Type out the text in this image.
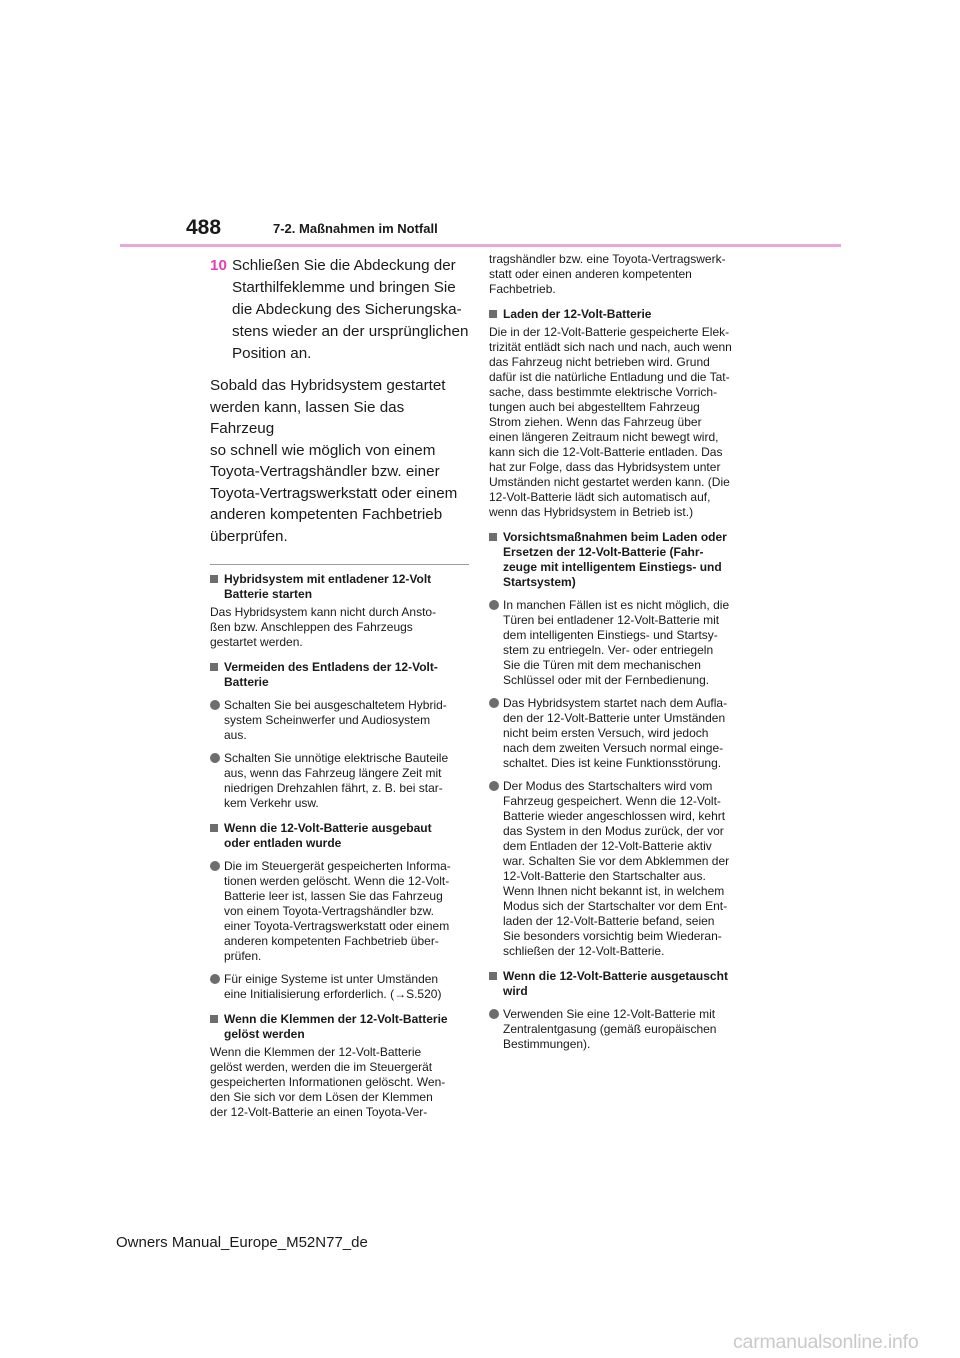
488	7-2. Maßnahmen im Notfall
10 Schließen Sie die Abdeckung der
Starthilfeklemme und bringen Sie
die Abdeckung des Sicherungska-
stens wieder an der ursprünglichen
Position an.
Sobald das Hybridsystem gestartet
werden kann, lassen Sie das Fahrzeug
so schnell wie möglich von einem
Toyota-Vertragshändler bzw. einer
Toyota-Vertragswerkstatt oder einem
anderen kompetenten Fachbetrieb
überprüfen.
Hybridsystem mit entladener 12-Volt
Batterie starten
Das Hybridsystem kann nicht durch Ansto-
ßen bzw. Anschleppen des Fahrzeugs
gestartet werden.
Vermeiden des Entladens der 12-Volt-
Batterie
Schalten Sie bei ausgeschaltetem Hybrid-
system Scheinwerfer und Audiosystem
aus.
Schalten Sie unnötige elektrische Bauteile
aus, wenn das Fahrzeug längere Zeit mit
niedrigen Drehzahlen fährt, z. B. bei star-
kem Verkehr usw.
Wenn die 12-Volt-Batterie ausgebaut
oder entladen wurde
Die im Steuergerät gespeicherten Informa-
tionen werden gelöscht. Wenn die 12-Volt-
Batterie leer ist, lassen Sie das Fahrzeug
von einem Toyota-Vertragshändler bzw.
einer Toyota-Vertragswerkstatt oder einem
anderen kompetenten Fachbetrieb über-
prüfen.
Für einige Systeme ist unter Umständen
eine Initialisierung erforderlich. (→S.520)
Wenn die Klemmen der 12-Volt-Batterie
gelöst werden
Wenn die Klemmen der 12-Volt-Batterie
gelöst werden, werden die im Steuergerät
gespeicherten Informationen gelöscht. Wen-
den Sie sich vor dem Lösen der Klemmen
der 12-Volt-Batterie an einen Toyota-Ver-
tragshändler bzw. eine Toyota-Vertragswerk-
statt oder einen anderen kompetenten
Fachbetrieb.
Laden der 12-Volt-Batterie
Die in der 12-Volt-Batterie gespeicherte Elek-
trizität entlädt sich nach und nach, auch wenn
das Fahrzeug nicht betrieben wird. Grund
dafür ist die natürliche Entladung und die Tat-
sache, dass bestimmte elektrische Vorrich-
tungen auch bei abgestelltem Fahrzeug
Strom ziehen. Wenn das Fahrzeug über
einen längeren Zeitraum nicht bewegt wird,
kann sich die 12-Volt-Batterie entladen. Das
hat zur Folge, dass das Hybridsystem unter
Umständen nicht gestartet werden kann. (Die
12-Volt-Batterie lädt sich automatisch auf,
wenn das Hybridsystem in Betrieb ist.)
Vorsichtsmaßnahmen beim Laden oder
Ersetzen der 12-Volt-Batterie (Fahr-
zeuge mit intelligentem Einstiegs- und
Startsystem)
In manchen Fällen ist es nicht möglich, die
Türen bei entladener 12-Volt-Batterie mit
dem intelligenten Einstiegs- und Startsy-
stem zu entriegeln. Ver- oder entriegeln
Sie die Türen mit dem mechanischen
Schlüssel oder mit der Fernbedienung.
Das Hybridsystem startet nach dem Aufla-
den der 12-Volt-Batterie unter Umständen
nicht beim ersten Versuch, wird jedoch
nach dem zweiten Versuch normal einge-
schaltet. Dies ist keine Funktionsstörung.
Der Modus des Startschalters wird vom
Fahrzeug gespeichert. Wenn die 12-Volt-
Batterie wieder angeschlossen wird, kehrt
das System in den Modus zurück, der vor
dem Entladen der 12-Volt-Batterie aktiv
war. Schalten Sie vor dem Abklemmen der
12-Volt-Batterie den Startschalter aus.
Wenn Ihnen nicht bekannt ist, in welchem
Modus sich der Startschalter vor dem Ent-
laden der 12-Volt-Batterie befand, seien
Sie besonders vorsichtig beim Wiederan-
schließen der 12-Volt-Batterie.
Wenn die 12-Volt-Batterie ausgetauscht
wird
Verwenden Sie eine 12-Volt-Batterie mit
Zentralentgasung (gemäß europäischen
Bestimmungen).
Owners Manual_Europe_M52N77_de
carmanualsonline.info
